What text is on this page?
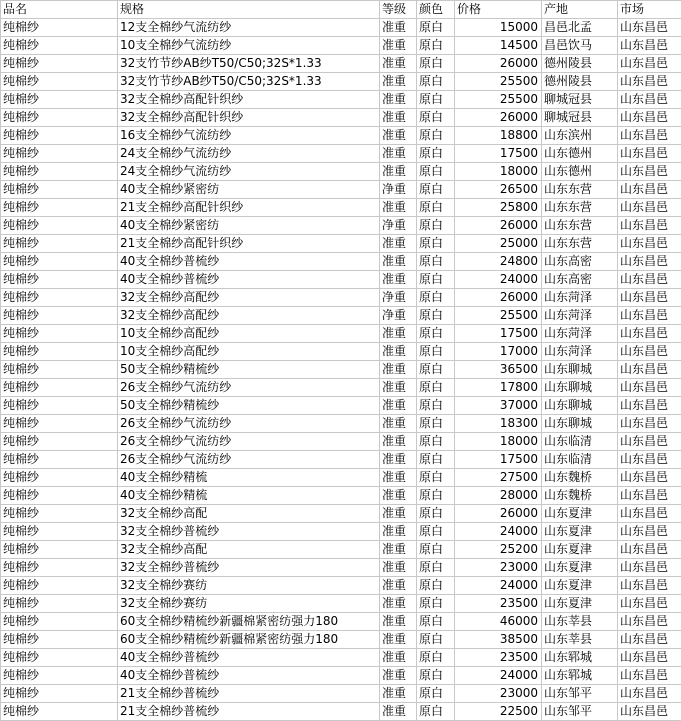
品名	规格	等级	颜色	价格	产地	市场
纯棉纱	12支全棉纱气流纺纱	准重	原白	15000	昌邑北孟	山东昌邑
纯棉纱	10支全棉纱气流纺纱	准重	原白	14500	昌邑饮马	山东昌邑
纯棉纱	32支竹节纱AB纱T50/C50;32S*1.33	准重	原白	26000	德州陵县	山东昌邑
纯棉纱	32支竹节纱AB纱T50/C50;32S*1.33	准重	原白	25500	德州陵县	山东昌邑
纯棉纱	32支全棉纱高配针织纱	准重	原白	25500	聊城冠县	山东昌邑
纯棉纱	32支全棉纱高配针织纱	准重	原白	26000	聊城冠县	山东昌邑
纯棉纱	16支全棉纱气流纺纱	准重	原白	18800	山东滨州	山东昌邑
纯棉纱	24支全棉纱气流纺纱	准重	原白	17500	山东德州	山东昌邑
纯棉纱	24支全棉纱气流纺纱	准重	原白	18000	山东德州	山东昌邑
纯棉纱	40支全棉纱紧密纺	净重	原白	26500	山东东营	山东昌邑
纯棉纱	21支全棉纱高配针织纱	准重	原白	25800	山东东营	山东昌邑
纯棉纱	40支全棉纱紧密纺	净重	原白	26000	山东东营	山东昌邑
纯棉纱	21支全棉纱高配针织纱	准重	原白	25000	山东东营	山东昌邑
纯棉纱	40支全棉纱普梳纱	准重	原白	24800	山东高密	山东昌邑
纯棉纱	40支全棉纱普梳纱	准重	原白	24000	山东高密	山东昌邑
纯棉纱	32支全棉纱高配纱	净重	原白	26000	山东菏泽	山东昌邑
纯棉纱	32支全棉纱高配纱	净重	原白	25500	山东菏泽	山东昌邑
纯棉纱	10支全棉纱高配纱	准重	原白	17500	山东菏泽	山东昌邑
纯棉纱	10支全棉纱高配纱	准重	原白	17000	山东菏泽	山东昌邑
纯棉纱	50支全棉纱精梳纱	准重	原白	36500	山东聊城	山东昌邑
纯棉纱	26支全棉纱气流纺纱	准重	原白	17800	山东聊城	山东昌邑
纯棉纱	50支全棉纱精梳纱	准重	原白	37000	山东聊城	山东昌邑
纯棉纱	26支全棉纱气流纺纱	准重	原白	18300	山东聊城	山东昌邑
纯棉纱	26支全棉纱气流纺纱	准重	原白	18000	山东临清	山东昌邑
纯棉纱	26支全棉纱气流纺纱	准重	原白	17500	山东临清	山东昌邑
纯棉纱	40支全棉纱精梳	准重	原白	27500	山东魏桥	山东昌邑
纯棉纱	40支全棉纱精梳	准重	原白	28000	山东魏桥	山东昌邑
纯棉纱	32支全棉纱高配	准重	原白	26000	山东夏津	山东昌邑
纯棉纱	32支全棉纱普梳纱	准重	原白	24000	山东夏津	山东昌邑
纯棉纱	32支全棉纱高配	准重	原白	25200	山东夏津	山东昌邑
纯棉纱	32支全棉纱普梳纱	准重	原白	23000	山东夏津	山东昌邑
纯棉纱	32支全棉纱赛纺	准重	原白	24000	山东夏津	山东昌邑
纯棉纱	32支全棉纱赛纺	准重	原白	23500	山东夏津	山东昌邑
纯棉纱	60支全棉纱精梳纱新疆棉紧密纺强力180	准重	原白	46000	山东莘县	山东昌邑
纯棉纱	60支全棉纱精梳纱新疆棉紧密纺强力180	准重	原白	38500	山东莘县	山东昌邑
纯棉纱	40支全棉纱普梳纱	准重	原白	23500	山东郓城	山东昌邑
纯棉纱	40支全棉纱普梳纱	准重	原白	24000	山东郓城	山东昌邑
纯棉纱	21支全棉纱普梳纱	准重	原白	23000	山东邹平	山东昌邑
纯棉纱	21支全棉纱普梳纱	准重	原白	22500	山东邹平	山东昌邑
